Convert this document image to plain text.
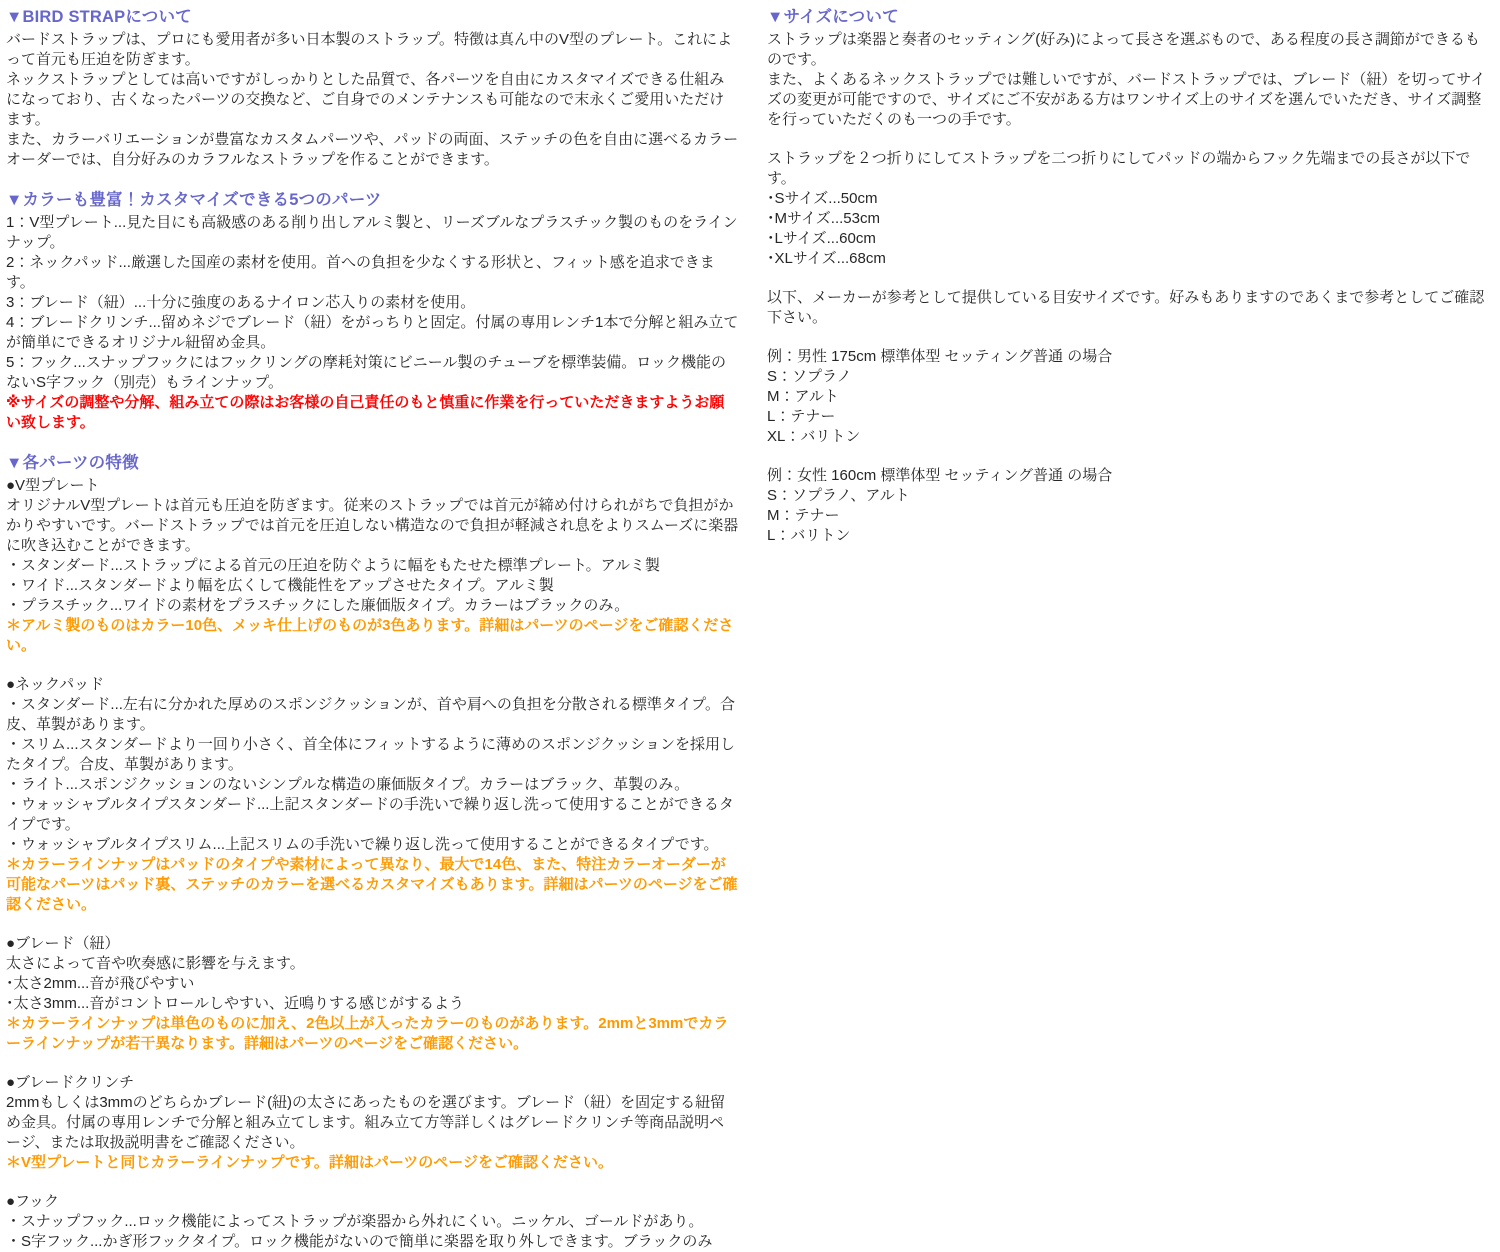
▼BIRD STRAPについて

バードストラップは、プロにも愛用者が多い日本製のストラップ。特徴は真ん中のV型のプレート。これによって首元も圧迫を防ぎます。

ネックストラップとしては高いですがしっかりとした品質で、各パーツを自由にカスタマイズできる仕組みになっており、古くなったパーツの交換など、ご自身でのメンテナンスも可能なので末永くご愛用いただけます。

また、カラーバリエーションが豊富なカスタムパーツや、パッドの両面、ステッチの色を自由に選べるカラーオーダーでは、自分好みのカラフルなストラップを作ることができます。

▼カラーも豊富！カスタマイズできる5つのパーツ

1：V型プレート...見た目にも高級感のある削り出しアルミ製と、リーズブルなプラスチック製のものをラインナップ。

2：ネックパッド...厳選した国産の素材を使用。首への負担を少なくする形状と、フィット感を追求できます。

3：ブレード（紐）...十分に強度のあるナイロン芯入りの素材を使用。

4：ブレードクリンチ...留めネジでブレード（紐）をがっちりと固定。付属の専用レンチ1本で分解と組み立てが簡単にできるオリジナル紐留め金具。

5：フック...スナップフックにはフックリングの摩耗対策にビニール製のチューブを標準装備。ロック機能のないS字フック（別売）もラインナップ。

※サイズの調整や分解、組み立ての際はお客様の自己責任のもと慎重に作業を行っていただきますようお願い致します。

▼各パーツの特徴

●V型プレート

オリジナルV型プレートは首元も圧迫を防ぎます。従来のストラップでは首元が締め付けられがちで負担がかかりやすいです。バードストラップでは首元を圧迫しない構造なので負担が軽減され息をよりスムーズに楽器に吹き込むことができます。

・スタンダード...ストラップによる首元の圧迫を防ぐように幅をもたせた標準プレート。アルミ製

・ワイド...スタンダードより幅を広くして機能性をアップさせたタイプ。アルミ製

・プラスチック...ワイドの素材をプラスチックにした廉価版タイプ。カラーはブラックのみ。

＊アルミ製のものはカラー10色、メッキ仕上げのものが3色あります。詳細はパーツのページをご確認ください。

●ネックパッド

・スタンダード...左右に分かれた厚めのスポンジクッションが、首や肩への負担を分散される標準タイプ。合皮、革製があります。

・スリム...スタンダードより一回り小さく、首全体にフィットするように薄めのスポンジクッションを採用したタイプ。合皮、革製があります。

・ライト...スポンジクッションのないシンプルな構造の廉価版タイプ。カラーはブラック、革製のみ。

・ウォッシャブルタイプスタンダード...上記スタンダードの手洗いで繰り返し洗って使用することができるタイプです。

・ウォッシャブルタイプスリム...上記スリムの手洗いで繰り返し洗って使用することができるタイプです。

＊カラーラインナップはパッドのタイプや素材によって異なり、最大で14色、また、特注カラーオーダーが可能なパーツはパッド裏、ステッチのカラーを選べるカスタマイズもあります。詳細はパーツのページをご確認ください。

●ブレード（紐）

太さによって音や吹奏感に影響を与えます。

･太さ2mm...音が飛びやすい

･太さ3mm...音がコントロールしやすい、近鳴りする感じがするよう

＊カラーラインナップは単色のものに加え、2色以上が入ったカラーのものがあります。2mmと3mmでカラーラインナップが若干異なります。詳細はパーツのページをご確認ください。

●ブレードクリンチ

2mmもしくは3mmのどちらかブレード(紐)の太さにあったものを選びます。ブレード（紐）を固定する紐留め金具。付属の専用レンチで分解と組み立てします。組み立て方等詳しくはグレードクリンチ等商品説明ページ、または取扱説明書をご確認ください。

＊V型プレートと同じカラーラインナップです。詳細はパーツのページをご確認ください。

●フック

・スナップフック...ロック機能によってストラップが楽器から外れにくい。ニッケル、ゴールドがあり。

・S字フック...かぎ形フックタイプ。ロック機能がないので簡単に楽器を取り外しできます。ブラックのみ

▼サイズについて

ストラップは楽器と奏者のセッティング(好み)によって長さを選ぶもので、ある程度の長さ調節ができるものです。

また、よくあるネックストラップでは難しいですが、バードストラップでは、ブレード（紐）を切ってサイズの変更が可能ですので、サイズにご不安がある方はワンサイズ上のサイズを選んでいただき、サイズ調整を行っていただくのも一つの手です。

ストラップを２つ折りにしてストラップを二つ折りにしてパッドの端からフック先端までの長さが以下です。

･Sサイズ...50cm

･Mサイズ...53cm

･Lサイズ...60cm

･XLサイズ...68cm

以下、メーカーが参考として提供している目安サイズです。好みもありますのであくまで参考としてご確認下さい。

例：男性 175cm 標準体型 セッティング普通 の場合

S：ソプラノ

M：アルト

L：テナー

XL：バリトン

例：女性 160cm 標準体型 セッティング普通 の場合

S：ソプラノ、アルト

M：テナー

L：バリトン
